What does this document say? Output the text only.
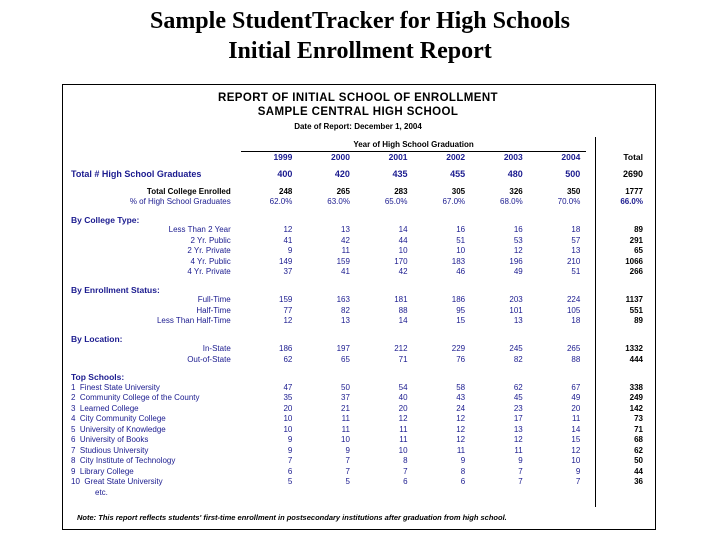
Sample StudentTracker for High Schools
Initial Enrollment Report
REPORT OF INITIAL SCHOOL OF ENROLLMENT
SAMPLE CENTRAL HIGH SCHOOL
Date of Report: December 1, 2004

	Year of High School Graduation						
	1999	2000	2001	2002	2003	2004	Total

Total # High School Graduates	400	420	435	455	480	500	2690

Total College Enrolled	248	265	283	305	326	350	1777
% of High School Graduates	62.0%	63.0%	65.0%	67.0%	68.0%	70.0%	66.0%

By College Type:							
Less Than 2 Year	12	13	14	16	16	18	89
2 Yr. Public	41	42	44	51	53	57	291
2 Yr. Private	9	11	10	10	12	13	65
4 Yr. Public	149	159	170	183	196	210	1066
4 Yr. Private	37	41	42	46	49	51	266

By Enrollment Status:							
Full-Time	159	163	181	186	203	224	1137
Half-Time	77	82	88	95	101	105	551
Less Than Half-Time	12	13	14	15	13	18	89

By Location:							
In-State	186	197	212	229	245	265	1332
Out-of-State	62	65	71	76	82	88	444

Top Schools:							
1 Finest State University	47	50	54	58	62	67	338
2 Community College of the County	35	37	40	43	45	49	249
3 Learned College	20	21	20	24	23	20	142
4 City Community College	10	11	12	12	17	11	73
5 University of Knowledge	10	11	11	12	13	14	71
6 University of Books	9	10	11	12	12	15	68
7 Studious University	9	9	10	11	11	12	62
8 City Institute of Technology	7	7	8	9	9	10	50
9 Library College	6	7	7	8	7	9	44
10 Great State University	5	5	6	6	7	7	36
etc.							
Note: This report reflects students' first-time enrollment in postsecondary institutions after graduation from high school.
